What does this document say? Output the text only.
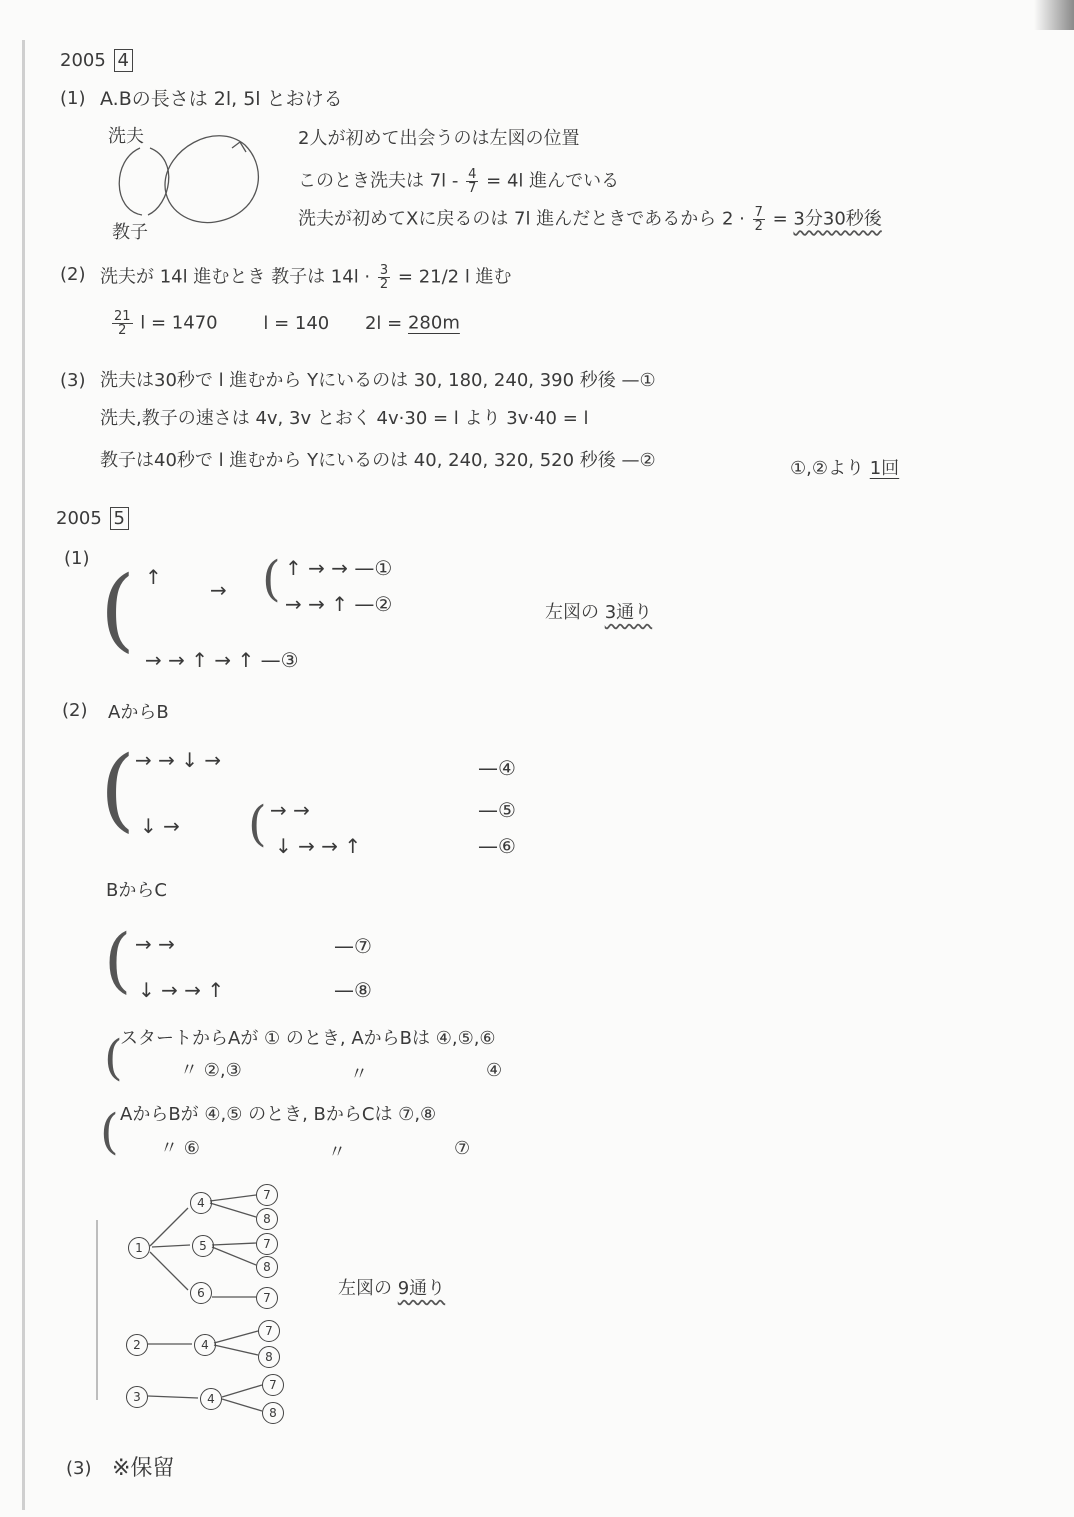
2005 4
(1) A.Bの長さは 2l, 5l とおける
洗夫
教子
2人が初めて出会うのは左図の位置
このとき洗夫は $7l - \frac{4}{7} = 4l$ 進んでいる
洗夫が初めてXに戻るのは 7l 進んだときであるから $2 \cdot \frac{7}{2} = 3$分30秒後
(2) 洗夫が 14l 進むとき 教子は $14l \cdot \frac{3}{2} = 21/2$ l 進む
$\frac{21}{2}$ l = 1470	l = 140 2l = 280m
(3) 洗夫は30秒で l 進むから Yにいるのは 30, 180, 240, 390 秒後 —①
洗夫,教子の速さは 4v, 3v とおく 4v·30 = l より 3v·40 = l
教子は40秒で l 進むから Yにいるのは 40, 240, 320, 520 秒後 —②	①,②より 1回
2005 5
(1) ( ↑
→ ( ↑ → → —①
→ → ↑ —②
→ → ↑ → ↑ —③
左図の 3通り
(2) AからB
( → → ↓ →	—④
↓ → ( → →	—⑤
↓ → → ↑	—⑥
BからC
( → →	—⑦
↓ → → ↑	—⑧
(
スタートからAが ① のとき, AからBは ④,⑤,⑥
〃 ②,③	〃	④
( AからBが ④,⑤ のとき, BからCは ⑦,⑧
〃 ⑥	〃	⑦
1
4
5
6
7
8
7
8
7
2	4
7
8
3	4
7
8
左図の 9通り
(3) ※保留
